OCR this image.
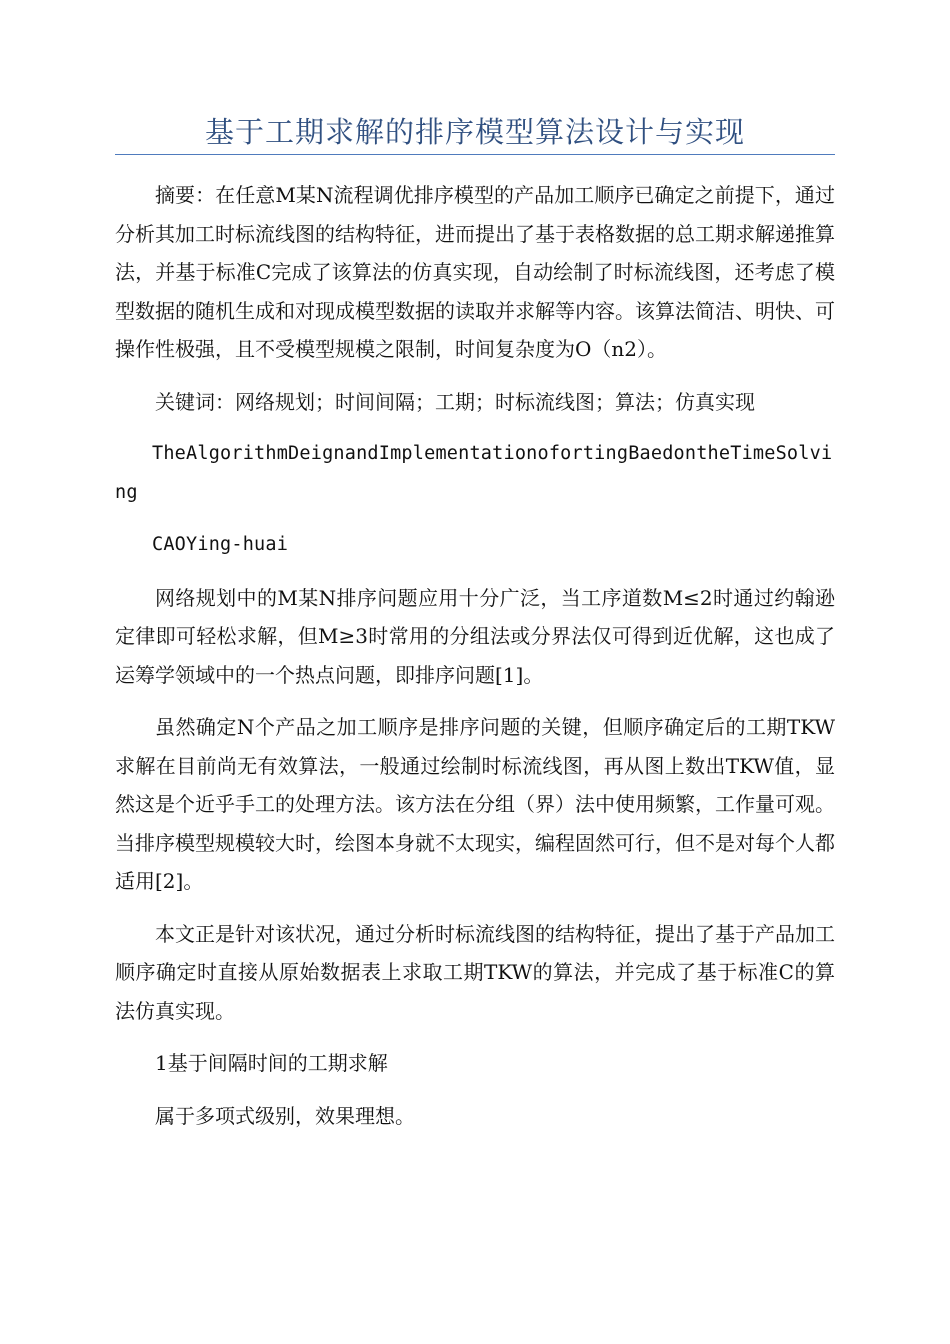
基于工期求解的排序模型算法设计与实现

摘要：在任意M某N流程调优排序模型的产品加工顺序已确定之前提下，通过分析其加工时标流线图的结构特征，进而提出了基于表格数据的总工期求解递推算法，并基于标准C完成了该算法的仿真实现，自动绘制了时标流线图，还考虑了模型数据的随机生成和对现成模型数据的读取并求解等内容。该算法简洁、明快、可操作性极强，且不受模型规模之限制，时间复杂度为O（n2）。

关键词：网络规划；时间间隔；工期；时标流线图；算法；仿真实现

TheAlgorithmDeignandImplementationofortingBaedontheTimeSolving

CAOYing-huai

网络规划中的M某N排序问题应用十分广泛，当工序道数M≤2时通过约翰逊定律即可轻松求解，但M≥3时常用的分组法或分界法仅可得到近优解，这也成了运筹学领域中的一个热点问题，即排序问题[1]。

虽然确定N个产品之加工顺序是排序问题的关键，但顺序确定后的工期TKW求解在目前尚无有效算法，一般通过绘制时标流线图，再从图上数出TKW值，显然这是个近乎手工的处理方法。该方法在分组（界）法中使用频繁，工作量可观。当排序模型规模较大时，绘图本身就不太现实，编程固然可行，但不是对每个人都适用[2]。

本文正是针对该状况，通过分析时标流线图的结构特征，提出了基于产品加工顺序确定时直接从原始数据表上求取工期TKW的算法，并完成了基于标准C的算法仿真实现。

1基于间隔时间的工期求解

属于多项式级别，效果理想。
